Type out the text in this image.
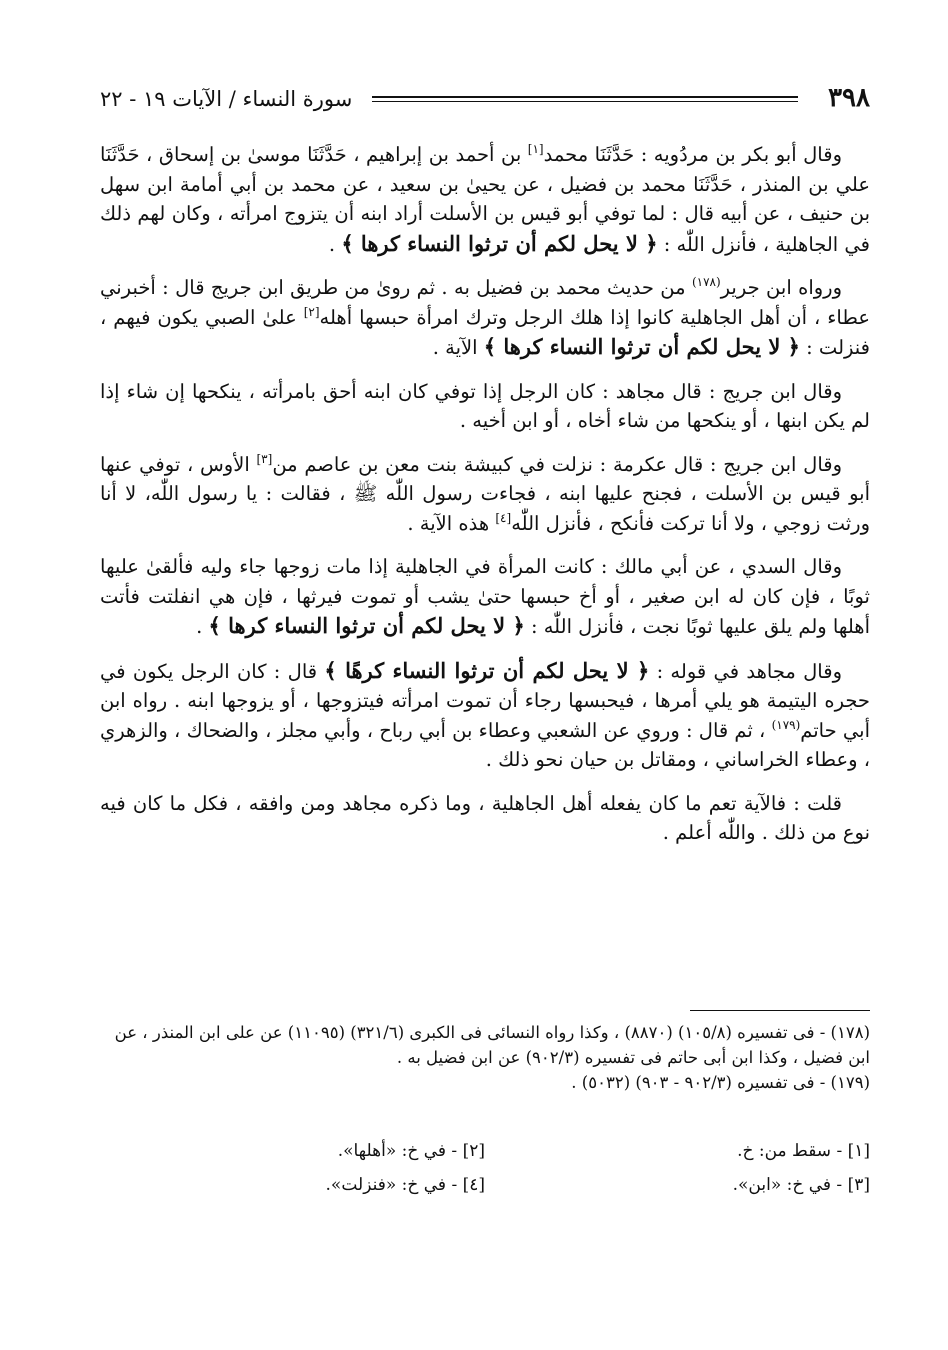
٣٩٨
سورة النساء / الآيات ١٩ - ٢٢

وقال أبو بكر بن مردُويه : حَدَّثَنَا محمد[١] بن أحمد بن إبراهيم ، حَدَّثَنَا موسىٰ بن إسحاق ، حَدَّثَنَا علي بن المنذر ، حَدَّثَنَا محمد بن فضيل ، عن يحيىٰ بن سعيد ، عن محمد بن أبي أمامة ابن سهل بن حنيف ، عن أبيه قال : لما توفي أبو قيس بن الأسلت أراد ابنه أن يتزوج امرأته ، وكان لهم ذلك في الجاهلية ، فأنزل اللّٰه : ﴿ لا يحل لكم أن ترثوا النساء كرها ﴾ .

ورواه ابن جرير$^{(١٧٨)}$ من حديث محمد بن فضيل به . ثم روىٰ من طريق ابن جريج قال : أخبرني عطاء ، أن أهل الجاهلية كانوا إذا هلك الرجل وترك امرأة حبسها أهله[٢] علىٰ الصبي يكون فيهم ، فنزلت : ﴿ لا يحل لكم أن ترثوا النساء كرها ﴾ الآية .

وقال ابن جريج : قال مجاهد : كان الرجل إذا توفي كان ابنه أحق بامرأته ، ينكحها إن شاء إذا لم يكن ابنها ، أو ينكحها من شاء أخاه ، أو ابن أخيه .

وقال ابن جريج : قال عكرمة : نزلت في كبيشة بنت معن بن عاصم من[٣] الأوس ، توفي عنها أبو قيس بن الأسلت ، فجنح عليها ابنه ، فجاءت رسول اللّٰه ﷺ ، فقالت : يا رسول اللّٰه، لا أنا ورثت زوجي ، ولا أنا تركت فأنكح ، فأنزل اللّٰه[٤] هذه الآية .

وقال السدي ، عن أبي مالك : كانت المرأة في الجاهلية إذا مات زوجها جاء وليه فألقىٰ عليها ثوبًا ، فإن كان له ابن صغير ، أو أخ حبسها حتىٰ يشب أو تموت فيرثها ، فإن هي انفلتت فأتت أهلها ولم يلق عليها ثوبًا نجت ، فأنزل اللّٰه : ﴿ لا يحل لكم أن ترثوا النساء كرها ﴾ .

وقال مجاهد في قوله : ﴿ لا يحل لكم أن ترثوا النساء كرهًا ﴾ قال : كان الرجل يكون في حجره اليتيمة هو يلي أمرها ، فيحبسها رجاء أن تموت امرأته فيتزوجها ، أو يزوجها ابنه . رواه ابن أبي حاتم$^{(١٧٩)}$ ، ثم قال : وروي عن الشعبي وعطاء بن أبي رباح ، وأبي مجلز ، والضحاك ، والزهري ، وعطاء الخراساني ، ومقاتل بن حيان نحو ذلك .

قلت : فالآية تعم ما كان يفعله أهل الجاهلية ، وما ذكره مجاهد ومن وافقه ، فكل ما كان فيه نوع من ذلك . واللّٰه أعلم .

(١٧٨) - فى تفسيره (١٠٥/٨) (٨٨٧٠) ، وكذا رواه النسائى فى الكبرى (٣٢١/٦) (١١٠٩٥) عن على ابن المنذر ، عن ابن فضيل ، وكذا ابن أبى حاتم فى تفسيره (٩٠٢/٣) عن ابن فضيل به .

(١٧٩) - فى تفسيره (٩٠٢/٣ - ٩٠٣) (٥٠٣٢) .

[١] - سقط من: خ.
[٢] - في خ: «أهلها».
[٣] - في خ: «ابن».
[٤] - في خ: «فنزلت».
